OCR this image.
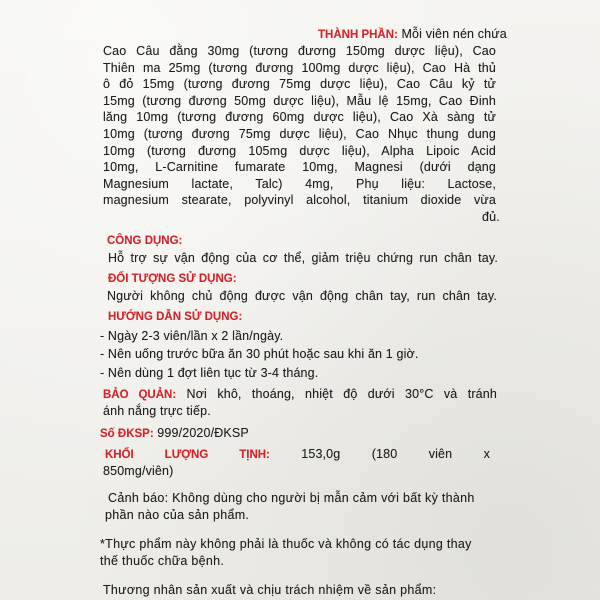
THÀNH PHẦN: Mỗi viên nén chứa
Cao Câu đằng 30mg (tương đương 150mg dược liệu), Cao
Thiên ma 25mg (tương đương 100mg dược liệu), Cao Hà thủ
ô đỏ 15mg (tương đương 75mg dược liệu), Cao Câu kỷ tử
15mg (tương đương 50mg dược liệu), Mẫu lệ 15mg, Cao Đinh
lăng 10mg (tương đương 60mg dược liệu), Cao Xà sàng tử
10mg (tương đương 75mg dược liệu), Cao Nhục thung dung
10mg (tương đương 105mg dược liệu), Alpha Lipoic Acid
10mg, L-Carnitine fumarate 10mg, Magnesi (dưới dạng
Magnesium lactate, Talc) 4mg, Phụ liệu: Lactose,
magnesium stearate, polyvinyl alcohol, titanium dioxide vừa
đủ.
CÔNG DỤNG:
Hỗ trợ sự vận động của cơ thể, giảm triệu chứng run chân tay.
ĐỐI TƯỢNG SỬ DỤNG:
Người không chủ động được vận động chân tay, run chân tay.
HƯỚNG DẪN SỬ DỤNG:
- Ngày 2-3 viên/lần x 2 lần/ngày.
- Nên uống trước bữa ăn 30 phút hoặc sau khi ăn 1 giờ.
- Nên dùng 1 đợt liên tục từ 3-4 tháng.
BẢO QUẢN: Nơi khô, thoáng, nhiệt độ dưới 30°C và tránh
ánh nắng trực tiếp.
Số ĐKSP: 999/2020/ĐKSP
KHỐI LƯỢNG TỊNH:	153,0g (180 viên x
850mg/viên)
Cảnh báo: Không dùng cho người bị mẫn cảm với bất kỳ thành
phần nào của sản phẩm.
*Thực phẩm này không phải là thuốc và không có tác dụng thay
thế thuốc chữa bệnh.
Thương nhân sản xuất và chịu trách nhiệm về sản phẩm:
